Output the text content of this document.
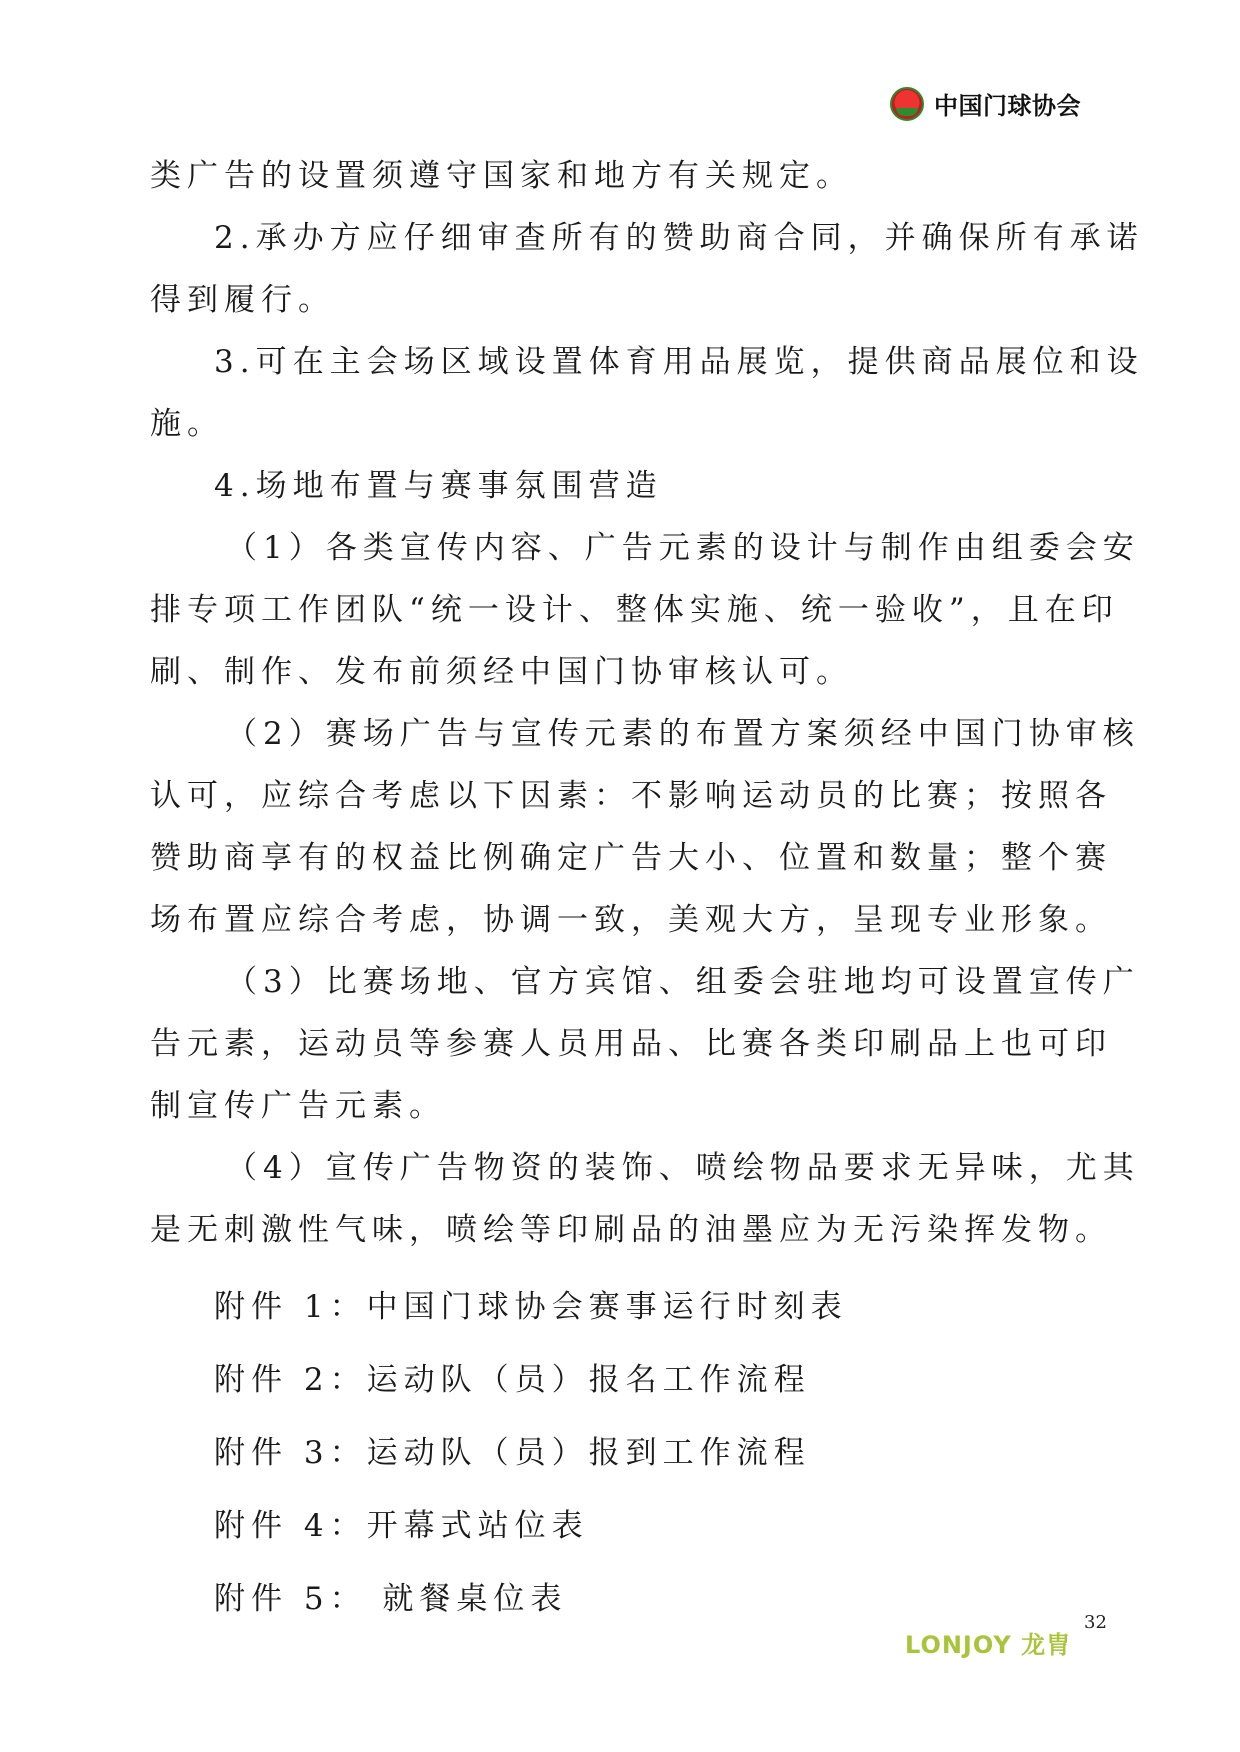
中国门球协会
类广告的设置须遵守国家和地方有关规定。
2.承办方应仔细审查所有的赞助商合同，并确保所有承诺
得到履行。
3.可在主会场区域设置体育用品展览，提供商品展位和设
施。
4.场地布置与赛事氛围营造
（1）各类宣传内容、广告元素的设计与制作由组委会安
排专项工作团队“统一设计、整体实施、统一验收”，且在印
刷、制作、发布前须经中国门协审核认可。
（2）赛场广告与宣传元素的布置方案须经中国门协审核
认可，应综合考虑以下因素：不影响运动员的比赛；按照各
赞助商享有的权益比例确定广告大小、位置和数量；整个赛
场布置应综合考虑，协调一致，美观大方，呈现专业形象。
（3）比赛场地、官方宾馆、组委会驻地均可设置宣传广
告元素，运动员等参赛人员用品、比赛各类印刷品上也可印
制宣传广告元素。
（4）宣传广告物资的装饰、喷绘物品要求无异味，尤其
是无刺激性气味，喷绘等印刷品的油墨应为无污染挥发物。
附件 1：中国门球协会赛事运行时刻表
附件 2：运动队（员）报名工作流程
附件 3：运动队（员）报到工作流程
附件 4：开幕式站位表
附件 5： 就餐桌位表
32
LONJOY 龙胄
